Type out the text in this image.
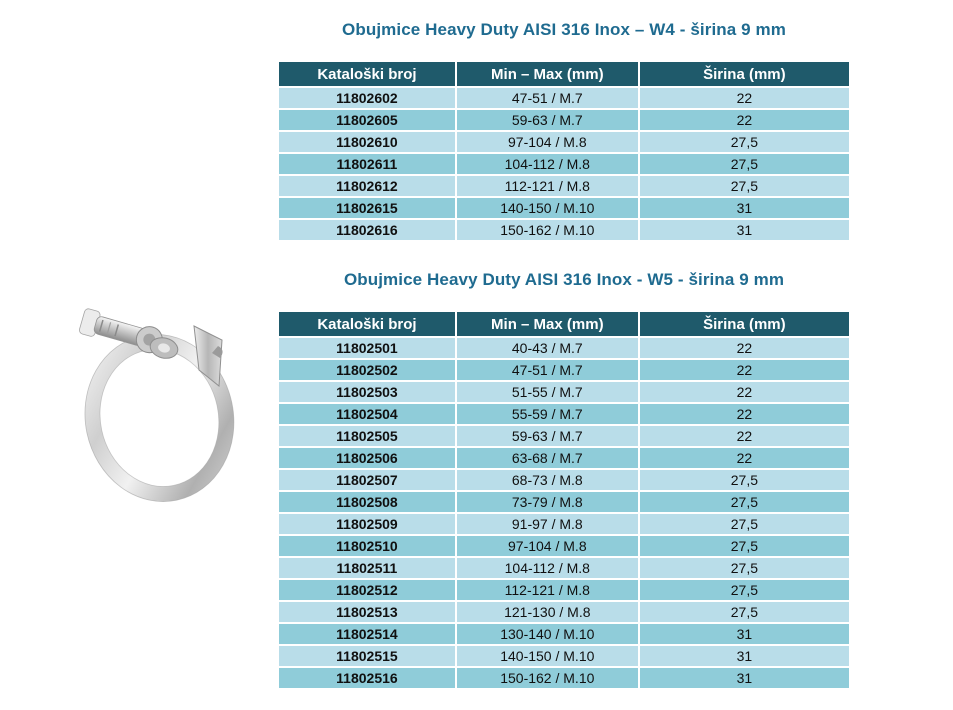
Obujmice Heavy Duty AISI 316 Inox – W4 - širina 9 mm
Kataloški broj	Min – Max (mm)	Širina (mm)
11802602	47-51 / M.7	22
11802605	59-63 / M.7	22
11802610	97-104 / M.8	27,5
11802611	104-112 / M.8	27,5
11802612	112-121 / M.8	27,5
11802615	140-150 / M.10	31
11802616	150-162 / M.10	31
Obujmice Heavy Duty AISI 316 Inox - W5 - širina 9 mm
Kataloški broj	Min – Max (mm)	Širina (mm)
11802501	40-43 / M.7	22
11802502	47-51 / M.7	22
11802503	51-55 / M.7	22
11802504	55-59 / M.7	22
11802505	59-63 / M.7	22
11802506	63-68 / M.7	22
11802507	68-73 / M.8	27,5
11802508	73-79 / M.8	27,5
11802509	91-97 / M.8	27,5
11802510	97-104 / M.8	27,5
11802511	104-112 / M.8	27,5
11802512	112-121 / M.8	27,5
11802513	121-130 / M.8	27,5
11802514	130-140 / M.10	31
11802515	140-150 / M.10	31
11802516	150-162 / M.10	31
